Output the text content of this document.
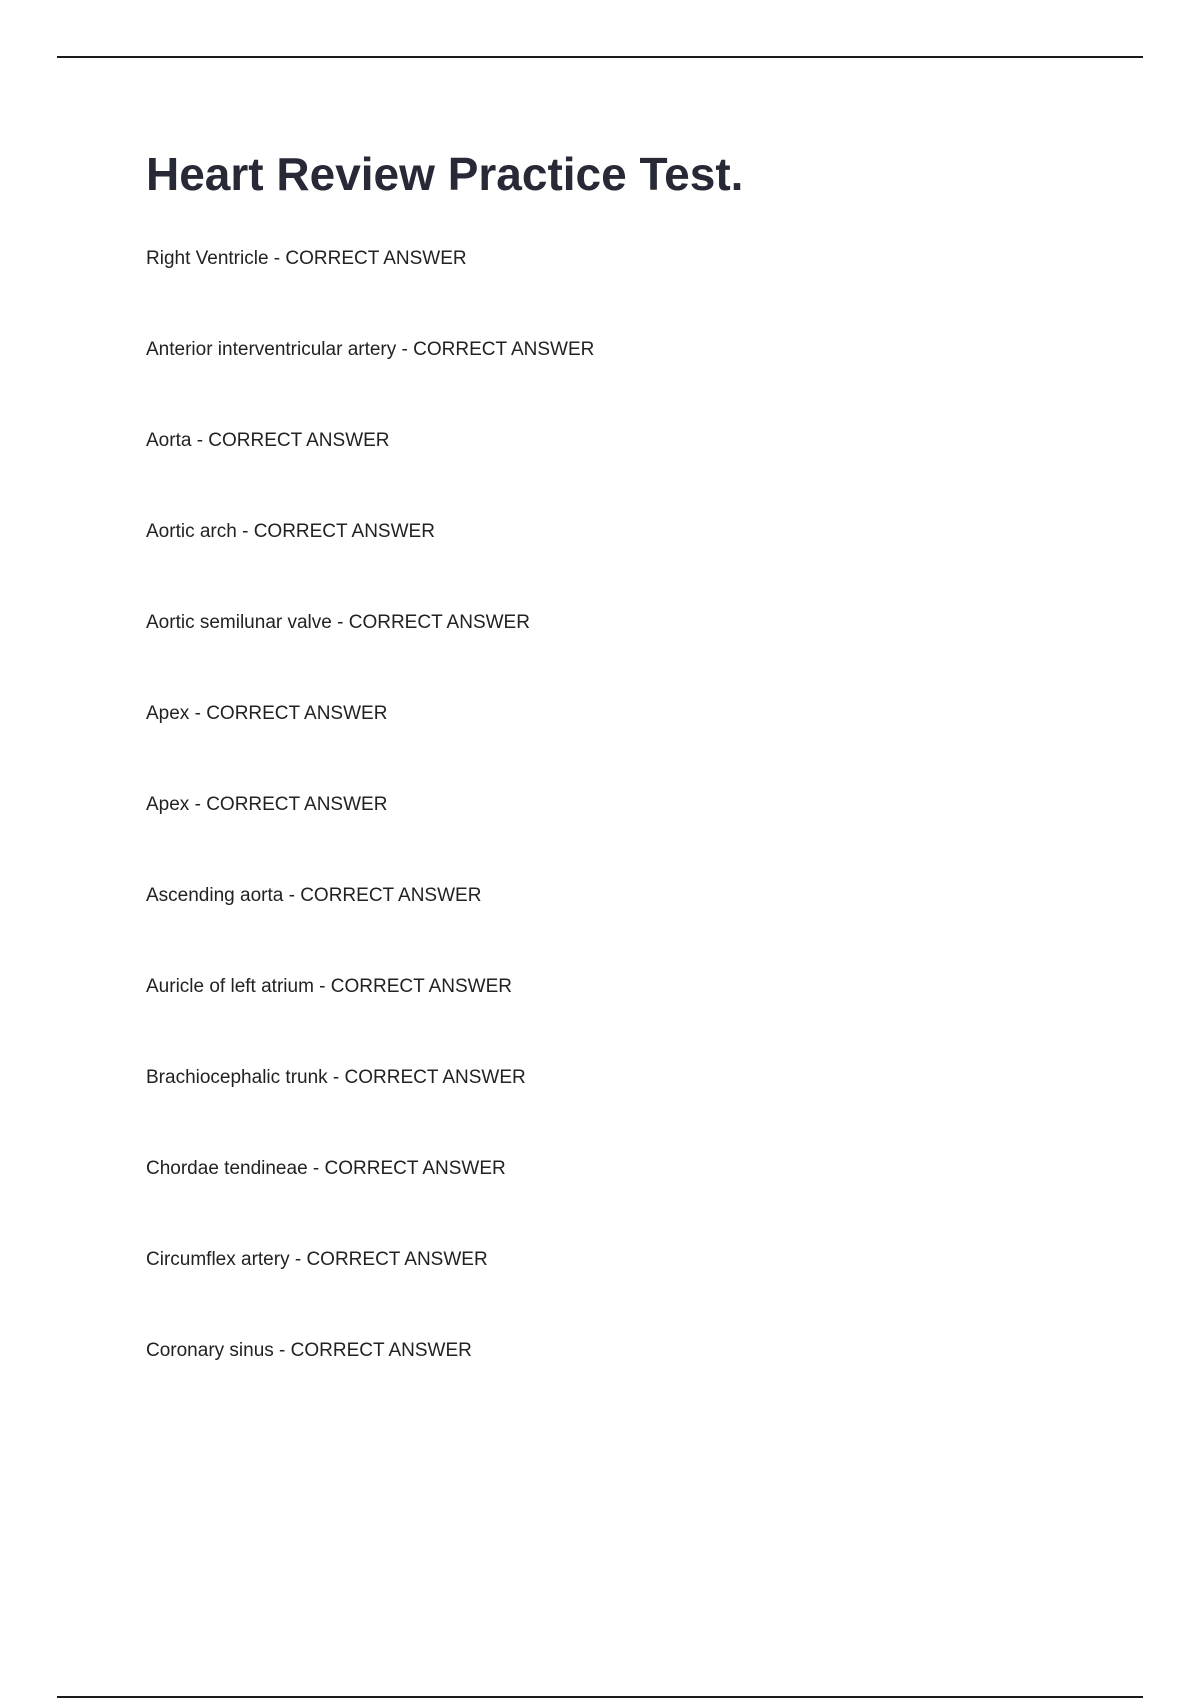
Heart Review Practice Test.
Right Ventricle - CORRECT ANSWER
Anterior interventricular artery - CORRECT ANSWER
Aorta - CORRECT ANSWER
Aortic arch - CORRECT ANSWER
Aortic semilunar valve - CORRECT ANSWER
Apex - CORRECT ANSWER
Apex - CORRECT ANSWER
Ascending aorta - CORRECT ANSWER
Auricle of left atrium - CORRECT ANSWER
Brachiocephalic trunk - CORRECT ANSWER
Chordae tendineae - CORRECT ANSWER
Circumflex artery - CORRECT ANSWER
Coronary sinus - CORRECT ANSWER
